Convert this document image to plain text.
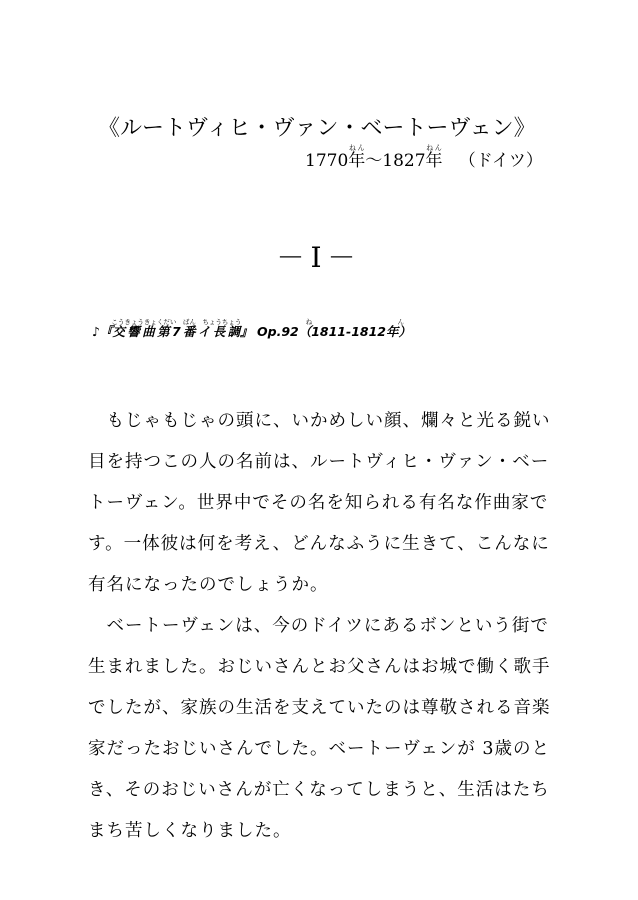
《ルートヴィヒ・ヴァン・ベートーヴェン》
1770年ねん〜1827年ねん   （ドイツ）
－Ⅰ－
♪『交響曲第7番イ長調こうきょうきょくだい　ばん　ちょうちょう』 Op.92（1811-1812年）ねん
　もじゃもじゃの頭に、いかめしい顔、爛々と光る鋭い
目を持つこの人の名前は、ルートヴィヒ・ヴァン・ベー
トーヴェン。世界中でその名を知られる有名な作曲家で
す。一体彼は何を考え、どんなふうに生きて、こんなに
有名になったのでしょうか。
　ベートーヴェンは、今のドイツにあるボンという街で
生まれました。おじいさんとお父さんはお城で働く歌手
でしたが、家族の生活を支えていたのは尊敬される音楽
家だったおじいさんでした。ベートーヴェンが 3歳のと
き、そのおじいさんが亡くなってしまうと、生活はたち
まち苦しくなりました。
